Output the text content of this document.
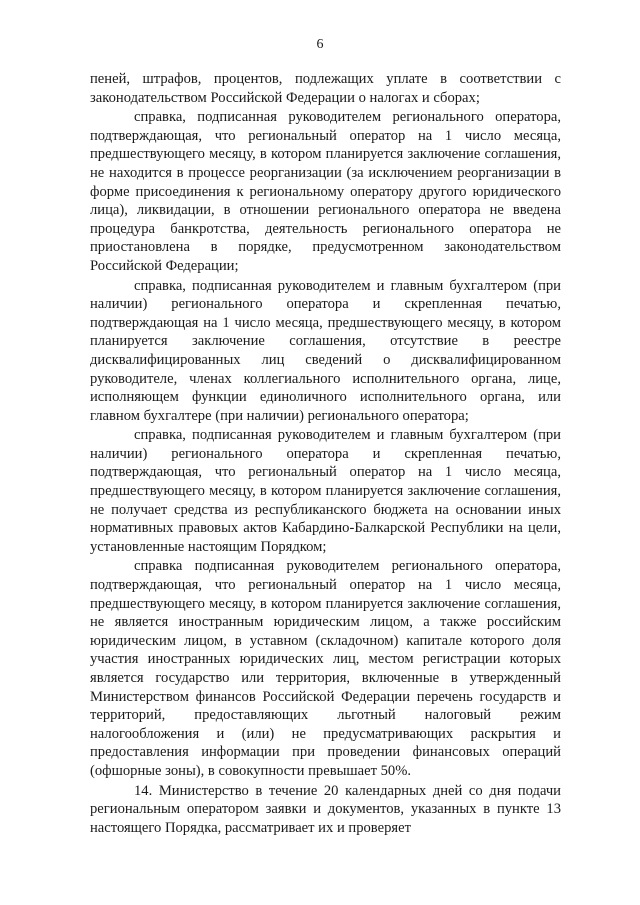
6

пеней, штрафов, процентов, подлежащих уплате в соответствии с законодательством Российской Федерации о налогах и сборах;

справка, подписанная руководителем регионального оператора, подтверждающая, что региональный оператор на 1 число месяца, предшествующего месяцу, в котором планируется заключение соглашения, не находится в процессе реорганизации (за исключением реорганизации в форме присоединения к региональному оператору другого юридического лица), ликвидации, в отношении регионального оператора не введена процедура банкротства, деятельность регионального оператора не приостановлена в порядке, предусмотренном законодательством Российской Федерации;

справка, подписанная руководителем и главным бухгалтером (при наличии) регионального оператора и скрепленная печатью, подтверждающая на 1 число месяца, предшествующего месяцу, в котором планируется заключение соглашения, отсутствие в реестре дисквалифицированных лиц сведений о дисквалифицированном руководителе, членах коллегиального исполнительного органа, лице, исполняющем функции единоличного исполнительного органа, или главном бухгалтере (при наличии) регионального оператора;

справка, подписанная руководителем и главным бухгалтером (при наличии) регионального оператора и скрепленная печатью, подтверждающая, что региональный оператор на 1 число месяца, предшествующего месяцу, в котором планируется заключение соглашения, не получает средства из республиканского бюджета на основании иных нормативных правовых актов Кабардино-Балкарской Республики на цели, установленные настоящим Порядком;

справка подписанная руководителем регионального оператора, подтверждающая, что региональный оператор на 1 число месяца, предшествующего месяцу, в котором планируется заключение соглашения, не является иностранным юридическим лицом, а также российским юридическим лицом, в уставном (складочном) капитале которого доля участия иностранных юридических лиц, местом регистрации которых является государство или территория, включенные в утвержденный Министерством финансов Российской Федерации перечень государств и территорий, предоставляющих льготный налоговый режим налогообложения и (или) не предусматривающих раскрытия и предоставления информации при проведении финансовых операций (офшорные зоны), в совокупности превышает 50%.

14. Министерство в течение 20 календарных дней со дня подачи региональным оператором заявки и документов, указанных в пункте 13 настоящего Порядка, рассматривает их и проверяет
